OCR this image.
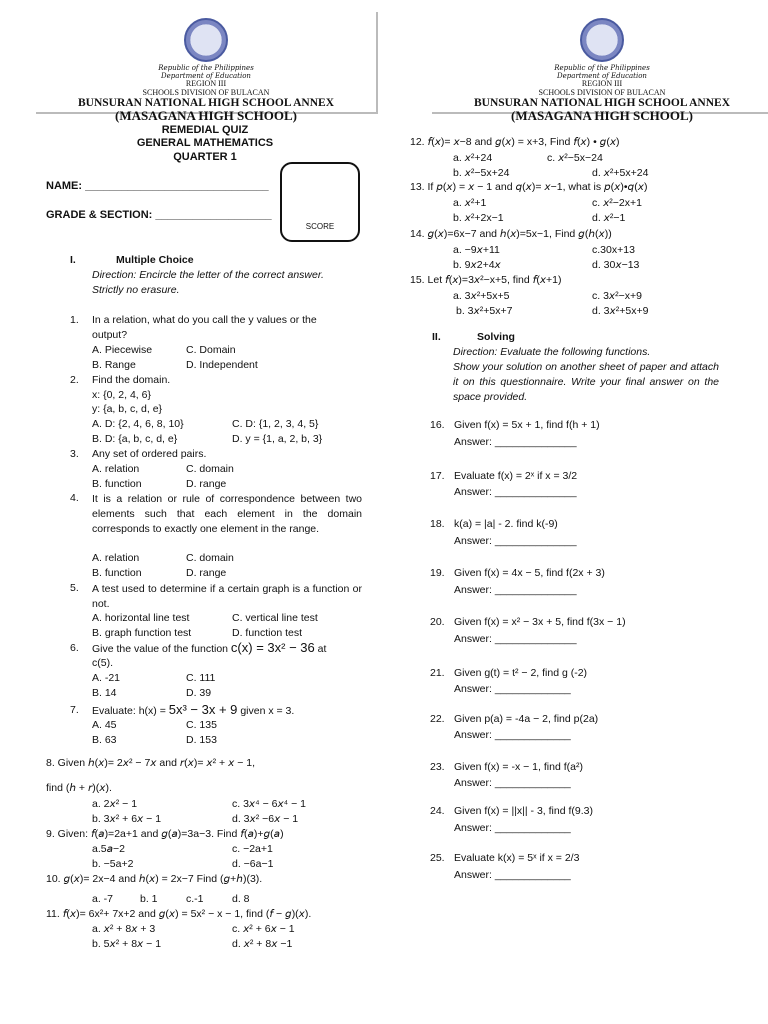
Republic of the Philippines
Department of Education
REGION III
SCHOOLS DIVISION OF BULACAN
BUNSURAN NATIONAL HIGH SCHOOL ANNEX
(MASAGANA HIGH SCHOOL)
Republic of the Philippines
Department of Education
REGION III
SCHOOLS DIVISION OF BULACAN
BUNSURAN NATIONAL HIGH SCHOOL ANNEX
(MASAGANA HIGH SCHOOL)
REMEDIAL QUIZ
GENERAL MATHEMATICS
QUARTER 1
NAME: ______________________________
GRADE & SECTION: ___________________
SCORE
I.	Multiple Choice
Direction: Encircle the letter of the correct answer.
Strictly no erasure.
1. In a relation, what do you call the y values or the
output?
A. Piecewise	C. Domain
B. Range	D. Independent
2. Find the domain.
x: {0, 2, 4, 6}
y: {a, b, c, d, e}
A. D: {2, 4, 6, 8, 10}	C. D: {1, 2, 3, 4, 5}
B. D: {a, b, c, d, e}	D. y = {1, a, 2, b, 3}
3. Any set of ordered pairs.
A. relation	C. domain
B. function	D. range
4. It is a relation or rule of correspondence between two elements such that each element in the domain corresponds to exactly one element in the range.
A. relation	C. domain
B. function	D. range
5. A test used to determine if a certain graph is a function or not.
A. horizontal line test	C. vertical line test
B. graph function test	D. function test
6. Give the value of the function c(x) = 3x² − 36 at
c(5).
A. -21	C. 111
B. 14	D. 39
7. Evaluate: h(x) = 5x³ − 3x + 9 given x = 3.
A. 45	C. 135
B. 63	D. 153
8. Given 𝘩(𝘹)= 2𝘹² − 7𝘹 and 𝘳(𝘹)= 𝘹² + 𝘹 − 1,
find (𝘩 + 𝘳)(𝘹).
a. 2𝘹² − 1	c. 3𝘹⁴ − 6𝘹⁴ − 1
b. 3𝘹² + 6𝘹 − 1	d. 3𝘹² −6𝘹 − 1
9. Given: 𝘧(𝘢)=2a+1 and 𝘨(𝘢)=3a−3. Find 𝘧(𝘢)+𝘨(𝘢)
a.5𝘢−2	c. −2a+1
b. −5a+2	d. −6a−1
10. 𝘨(𝘹)= 2x−4 and 𝘩(𝘹) = 2x−7 Find (𝘨+𝘩)(3).
a. -7	b. 1	c.-1	d. 8
11. 𝘧(𝘹)= 6x²+ 7x+2 and 𝘨(𝘹) = 5x² − x − 1, find (𝘧 − 𝘨)(𝘹).
a. 𝘹² + 8𝘹 + 3	c. 𝘹² + 6𝘹 − 1
b. 5𝘹² + 8𝘹 − 1	d. 𝘹² + 8𝘹 −1
12. 𝘧(𝘹)= 𝘹−8 and 𝘨(𝘹) = x+3, Find 𝘧(𝘹) • 𝘨(𝘹)
a. 𝘹²+24	c. 𝘹²−5x−24
b. 𝘹²−5x+24	d. 𝘹²+5x+24
13. If 𝘱(𝘹) = 𝘹 − 1 and 𝘲(𝘹)= 𝘹−1, what is 𝘱(𝘹)•𝘲(𝘹)
a. 𝘹²+1	c. 𝘹²−2x+1
b. 𝘹²+2x−1	d. 𝘹²−1
14. 𝘨(𝘹)=6x−7 and 𝘩(𝘹)=5x−1, Find 𝘨(𝘩(𝘹))
a. −9𝘹+11	c.30x+13
b. 9𝘹2+4𝘹	d. 30𝘹−13
15. Let 𝘧(𝘹)=3𝘹²−x+5, find 𝘧(𝘹+1)
a. 3𝘹²+5x+5	c. 3𝘹²−x+9
b. 3𝘹²+5x+7	d. 3𝘹²+5x+9
II.	Solving
Direction: Evaluate the following functions.
Show your solution on another sheet of paper and attach it on this questionnaire. Write your final answer on the space provided.
16. Given f(x) = 5x + 1, find f(h + 1)
Answer: ______________
17. Evaluate f(x) = 2ˣ if x = 3/2
Answer: ______________
18. k(a) = |a| - 2. find k(-9)
Answer: ______________
19. Given f(x) = 4x − 5, find f(2x + 3)
Answer: ______________
20. Given f(x) = x² − 3x + 5, find f(3x − 1)
Answer: ______________
21. Given g(t) = t² − 2, find g (-2)
Answer: _____________
22. Given p(a) = -4a − 2, find p(2a)
Answer: _____________
23. Given f(x) = -x − 1, find f(a²)
Answer: _____________
24. Given f(x) = ||x|| - 3, find f(9.3)
Answer: _____________
25. Evaluate k(x) = 5ˣ if x = 2/3
Answer: _____________
